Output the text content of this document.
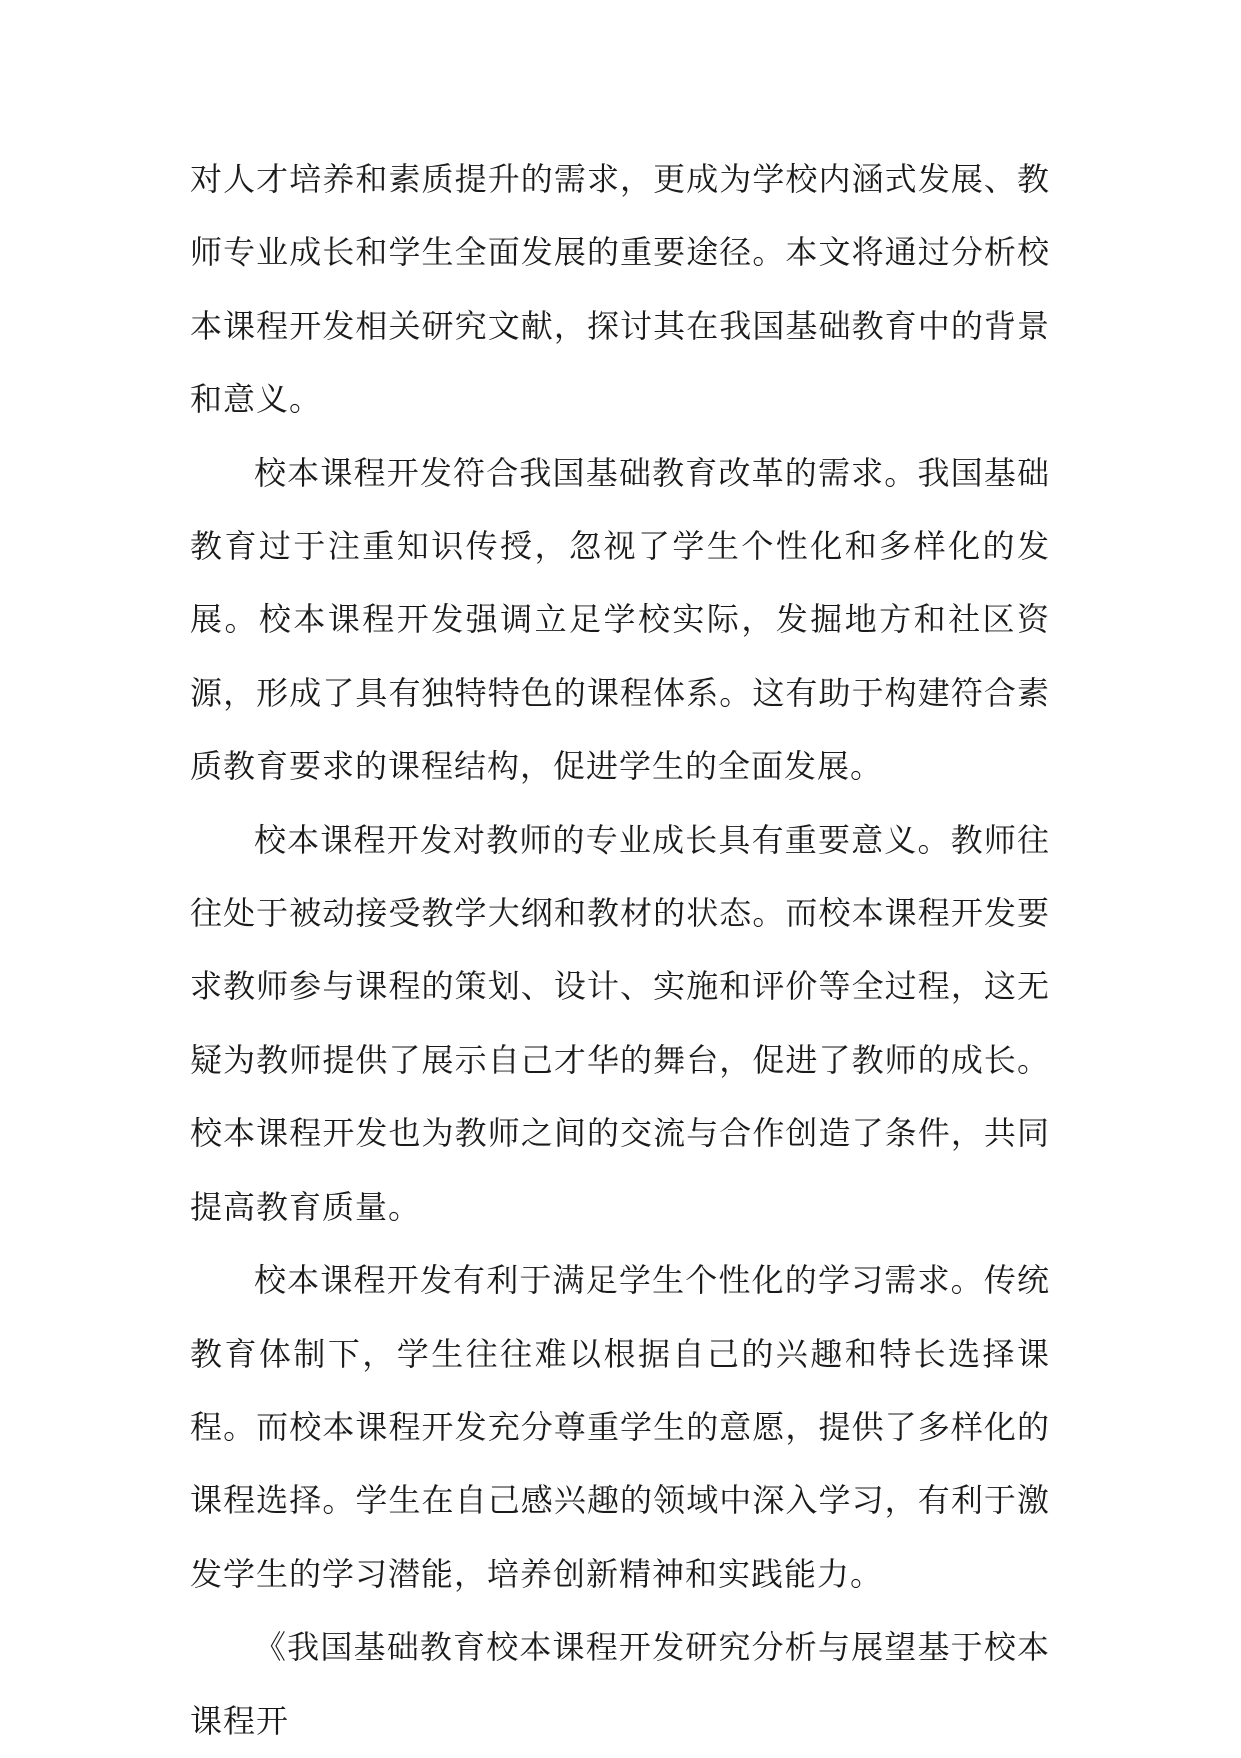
对人才培养和素质提升的需求，更成为学校内涵式发展、教师专业成长和学生全面发展的重要途径。本文将通过分析校本课程开发相关研究文献，探讨其在我国基础教育中的背景和意义。

校本课程开发符合我国基础教育改革的需求。我国基础教育过于注重知识传授，忽视了学生个性化和多样化的发展。校本课程开发强调立足学校实际，发掘地方和社区资源，形成了具有独特特色的课程体系。这有助于构建符合素质教育要求的课程结构，促进学生的全面发展。

校本课程开发对教师的专业成长具有重要意义。教师往往处于被动接受教学大纲和教材的状态。而校本课程开发要求教师参与课程的策划、设计、实施和评价等全过程，这无疑为教师提供了展示自己才华的舞台，促进了教师的成长。校本课程开发也为教师之间的交流与合作创造了条件，共同提高教育质量。

校本课程开发有利于满足学生个性化的学习需求。传统教育体制下，学生往往难以根据自己的兴趣和特长选择课程。而校本课程开发充分尊重学生的意愿，提供了多样化的课程选择。学生在自己感兴趣的领域中深入学习，有利于激发学生的学习潜能，培养创新精神和实践能力。

《我国基础教育校本课程开发研究分析与展望基于校本课程开
